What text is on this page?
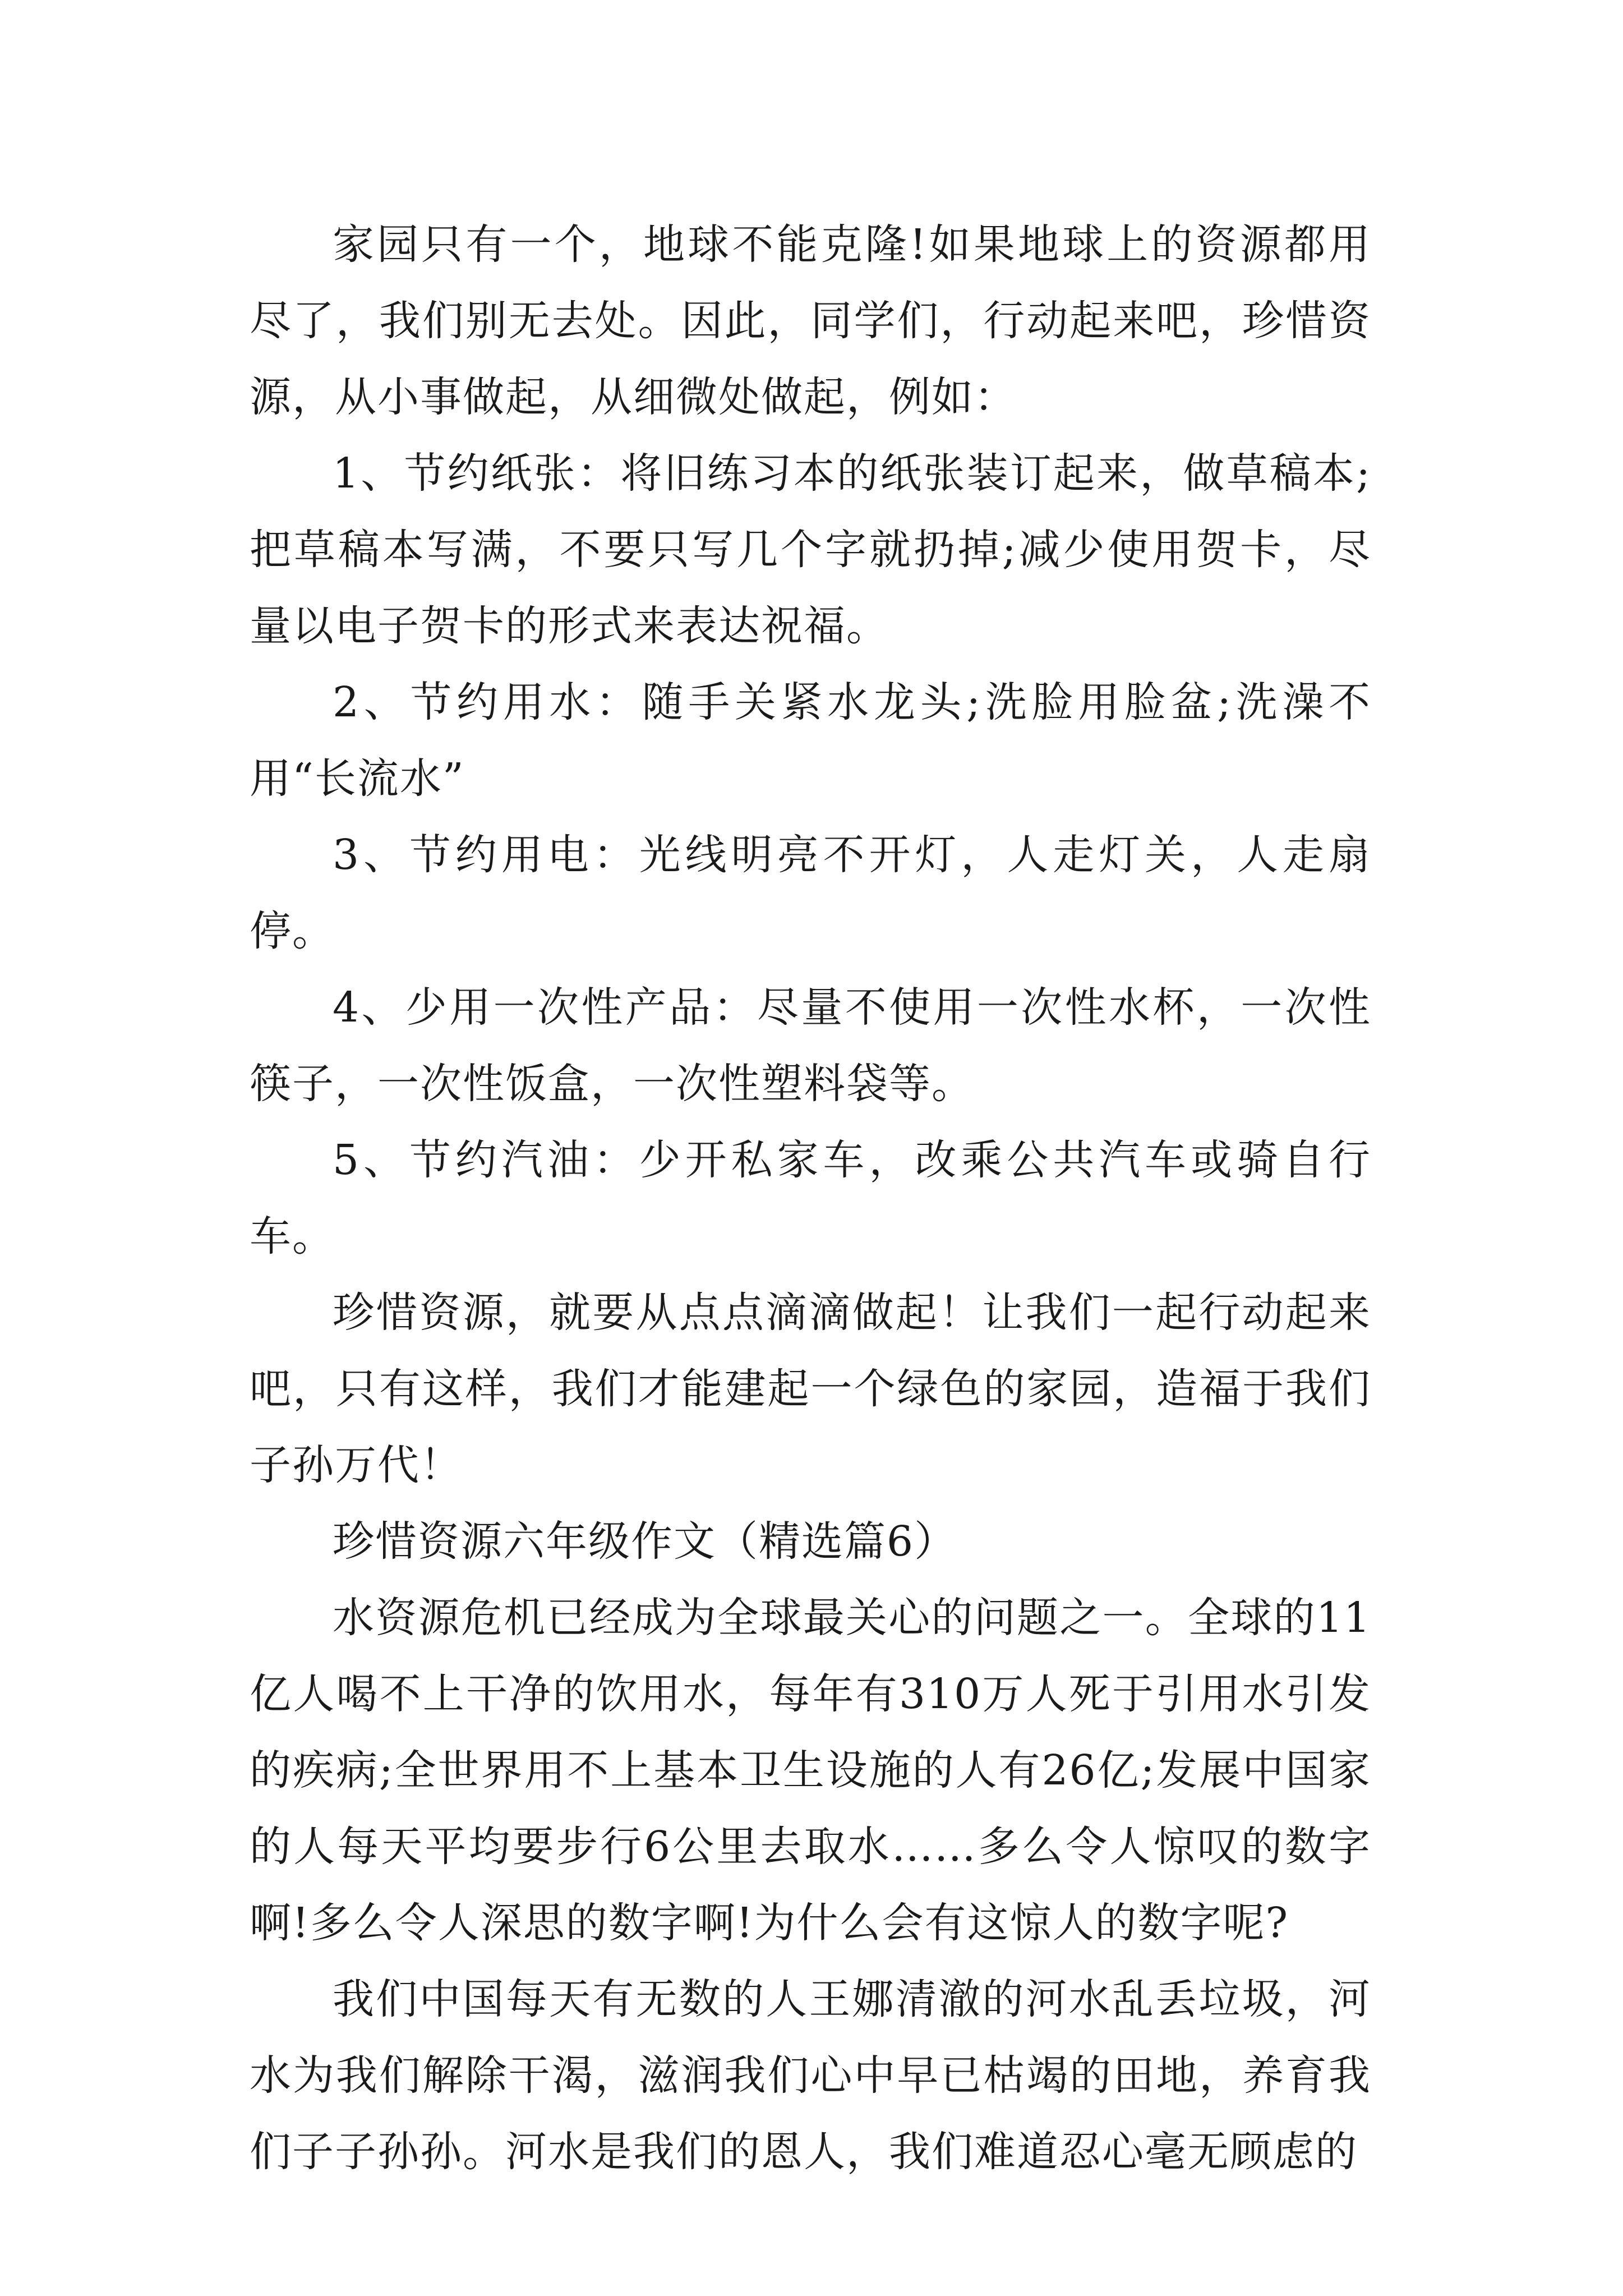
家园只有一个，地球不能克隆!如果地球上的资源都用尽了，我们别无去处。因此，同学们，行动起来吧，珍惜资源，从小事做起，从细微处做起，例如：

1、节约纸张：将旧练习本的纸张装订起来，做草稿本;把草稿本写满，不要只写几个字就扔掉;减少使用贺卡，尽量以电子贺卡的形式来表达祝福。

2、节约用水：随手关紧水龙头;洗脸用脸盆;洗澡不用“长流水”

3、节约用电：光线明亮不开灯，人走灯关，人走扇停。

4、少用一次性产品：尽量不使用一次性水杯，一次性筷子，一次性饭盒，一次性塑料袋等。

5、节约汽油：少开私家车，改乘公共汽车或骑自行车。

珍惜资源，就要从点点滴滴做起！让我们一起行动起来吧，只有这样，我们才能建起一个绿色的家园，造福于我们子孙万代！

珍惜资源六年级作文（精选篇6）

水资源危机已经成为全球最关心的问题之一。全球的11亿人喝不上干净的饮用水，每年有310万人死于引用水引发的疾病;全世界用不上基本卫生设施的人有26亿;发展中国家的人每天平均要步行6公里去取水……多么令人惊叹的数字啊!多么令人深思的数字啊!为什么会有这惊人的数字呢?

我们中国每天有无数的人王娜清澈的河水乱丢垃圾，河水为我们解除干渴，滋润我们心中早已枯竭的田地，养育我们子子孙孙。河水是我们的恩人，我们难道忍心毫无顾虑的
